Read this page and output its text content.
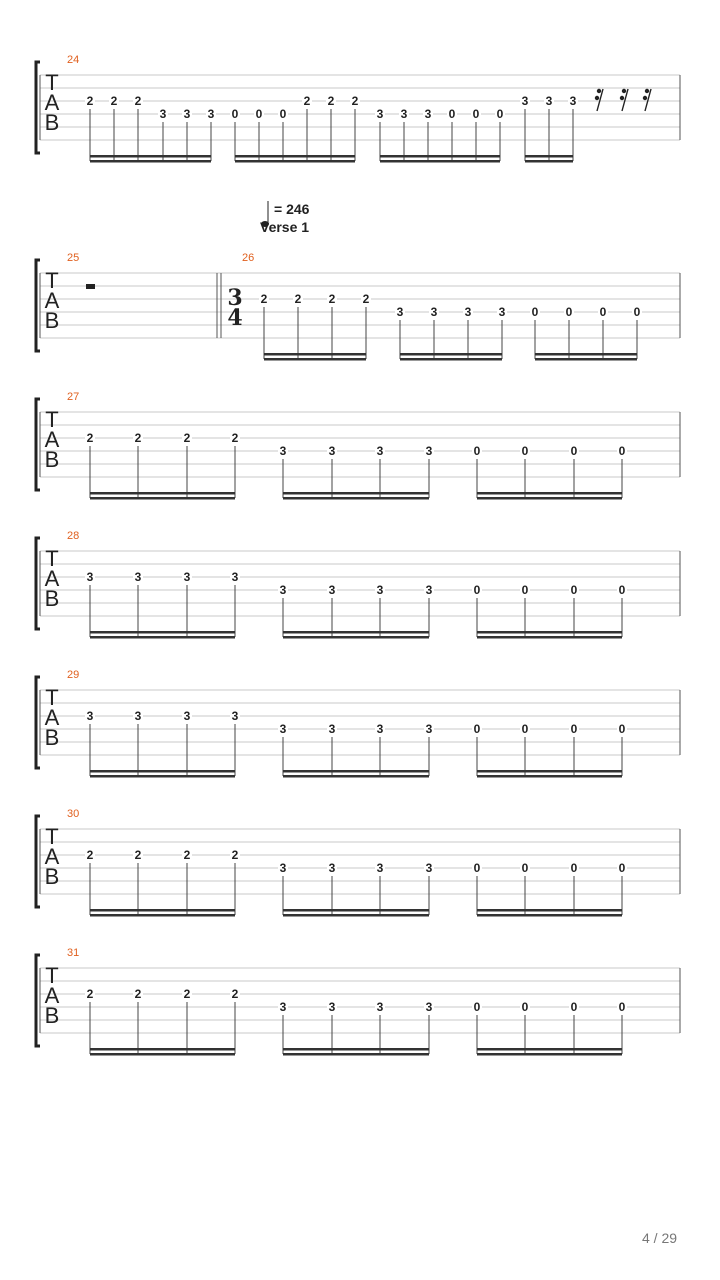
T
A
B
24
2 2 2
3 3 3 0 0 0
2 2 2
3 3 3 0 0 0
3 3 3
T
A
B
25	26
3
4
2 2 2 2
3 3 3 3 0 0 0 0
T
A
B
27
2	2	2	2
3	3	3	3	0	0	0	0
T
A
B
28
3	3	3	3
3	3	3	3	0	0	0	0
T
A
B
29
3	3	3	3
3	3	3	3	0	0	0	0
T
A
B
30
2	2	2	2
3	3	3	3	0	0	0	0
T
A
B
31
2	2	2	2
3	3	3	3	0	0	0	0
= 246
Verse 1
4 / 29
